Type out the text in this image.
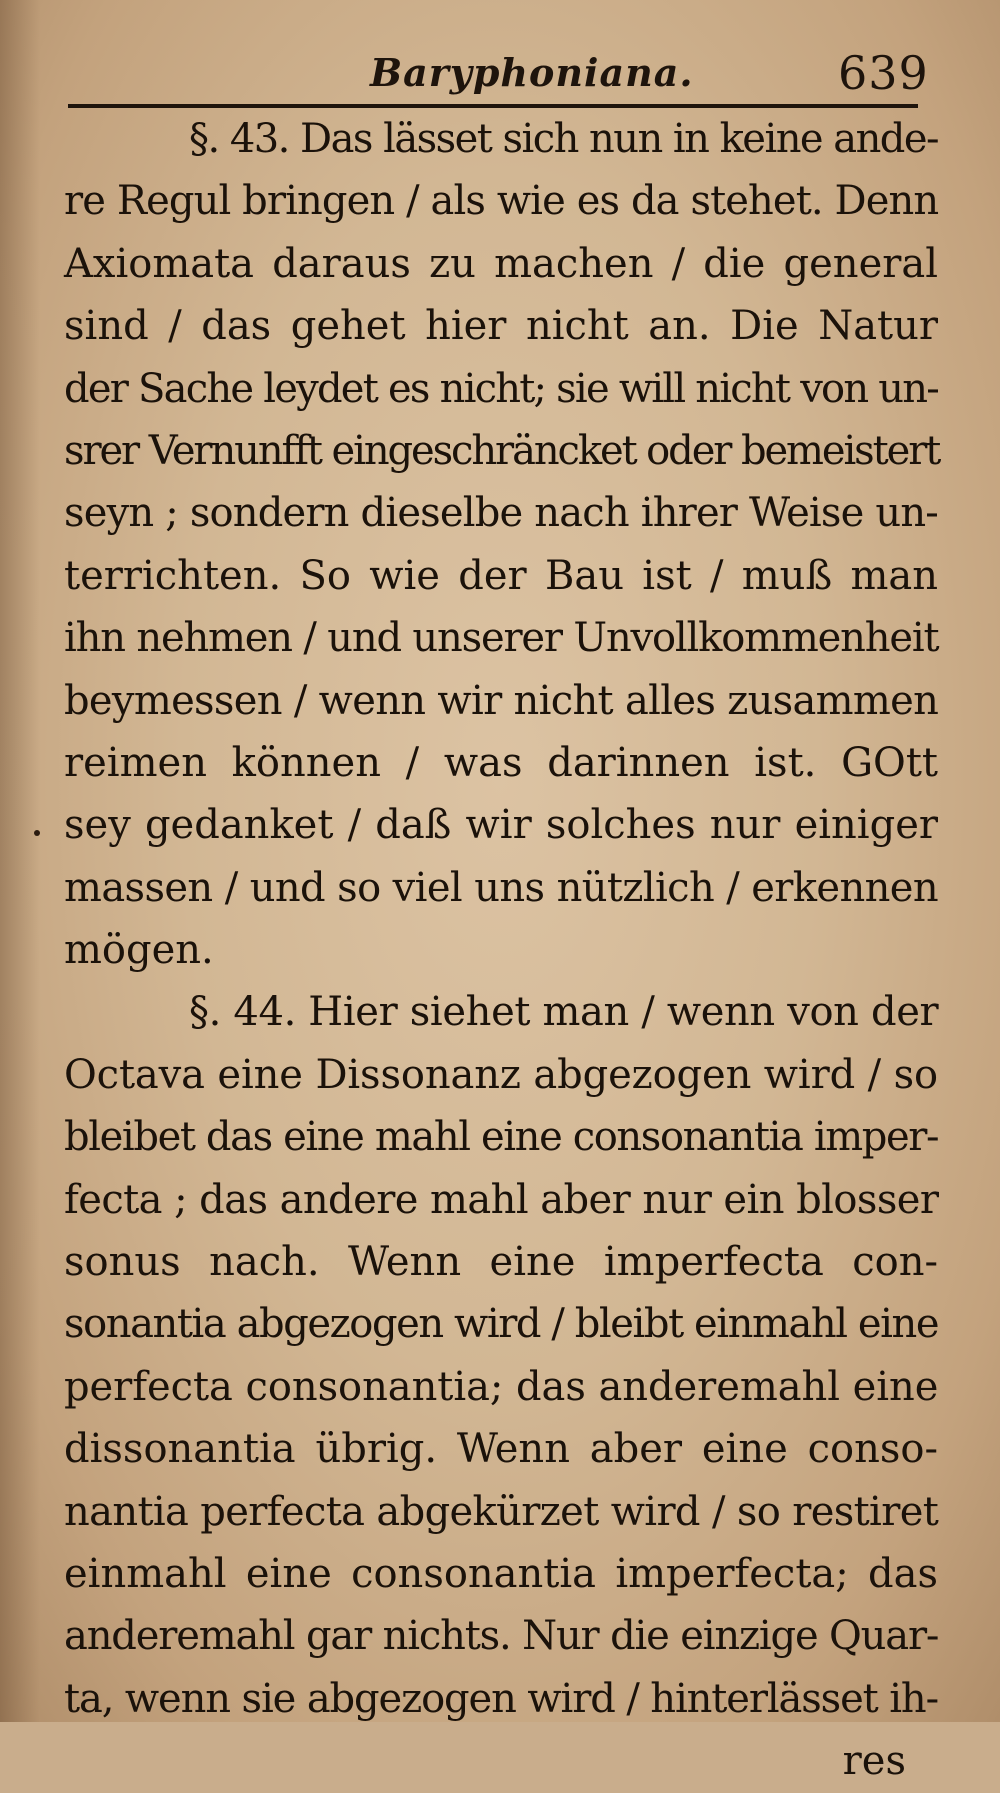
Baryphoniana.	639
§. 43. Das lässet sich nun in keine ande-
re Regul bringen / als wie es da stehet. Denn
Axiomata daraus zu machen / die general
sind / das gehet hier nicht an. Die Natur
der Sache leydet es nicht; sie will nicht von un-
srer Vernunfft eingeschräncket oder bemeistert
seyn ; sondern dieselbe nach ihrer Weise un-
terrichten. So wie der Bau ist / muß man
ihn nehmen / und unserer Unvollkommenheit
beymessen / wenn wir nicht alles zusammen
reimen können / was darinnen ist. GOtt
sey gedanket / daß wir solches nur einiger
massen / und so viel uns nützlich / erkennen
mögen.
§. 44. Hier siehet man / wenn von der
Octava eine Dissonanz abgezogen wird / so
bleibet das eine mahl eine consonantia imper-
fecta ; das andere mahl aber nur ein blosser
sonus nach. Wenn eine imperfecta con-
sonantia abgezogen wird / bleibt einmahl eine
perfecta consonantia; das anderemahl eine
dissonantia übrig. Wenn aber eine conso-
nantia perfecta abgekürzet wird / so restiret
einmahl eine consonantia imperfecta; das
anderemahl gar nichts. Nur die einzige Quar-
ta, wenn sie abgezogen wird / hinterlässet ih-
res
